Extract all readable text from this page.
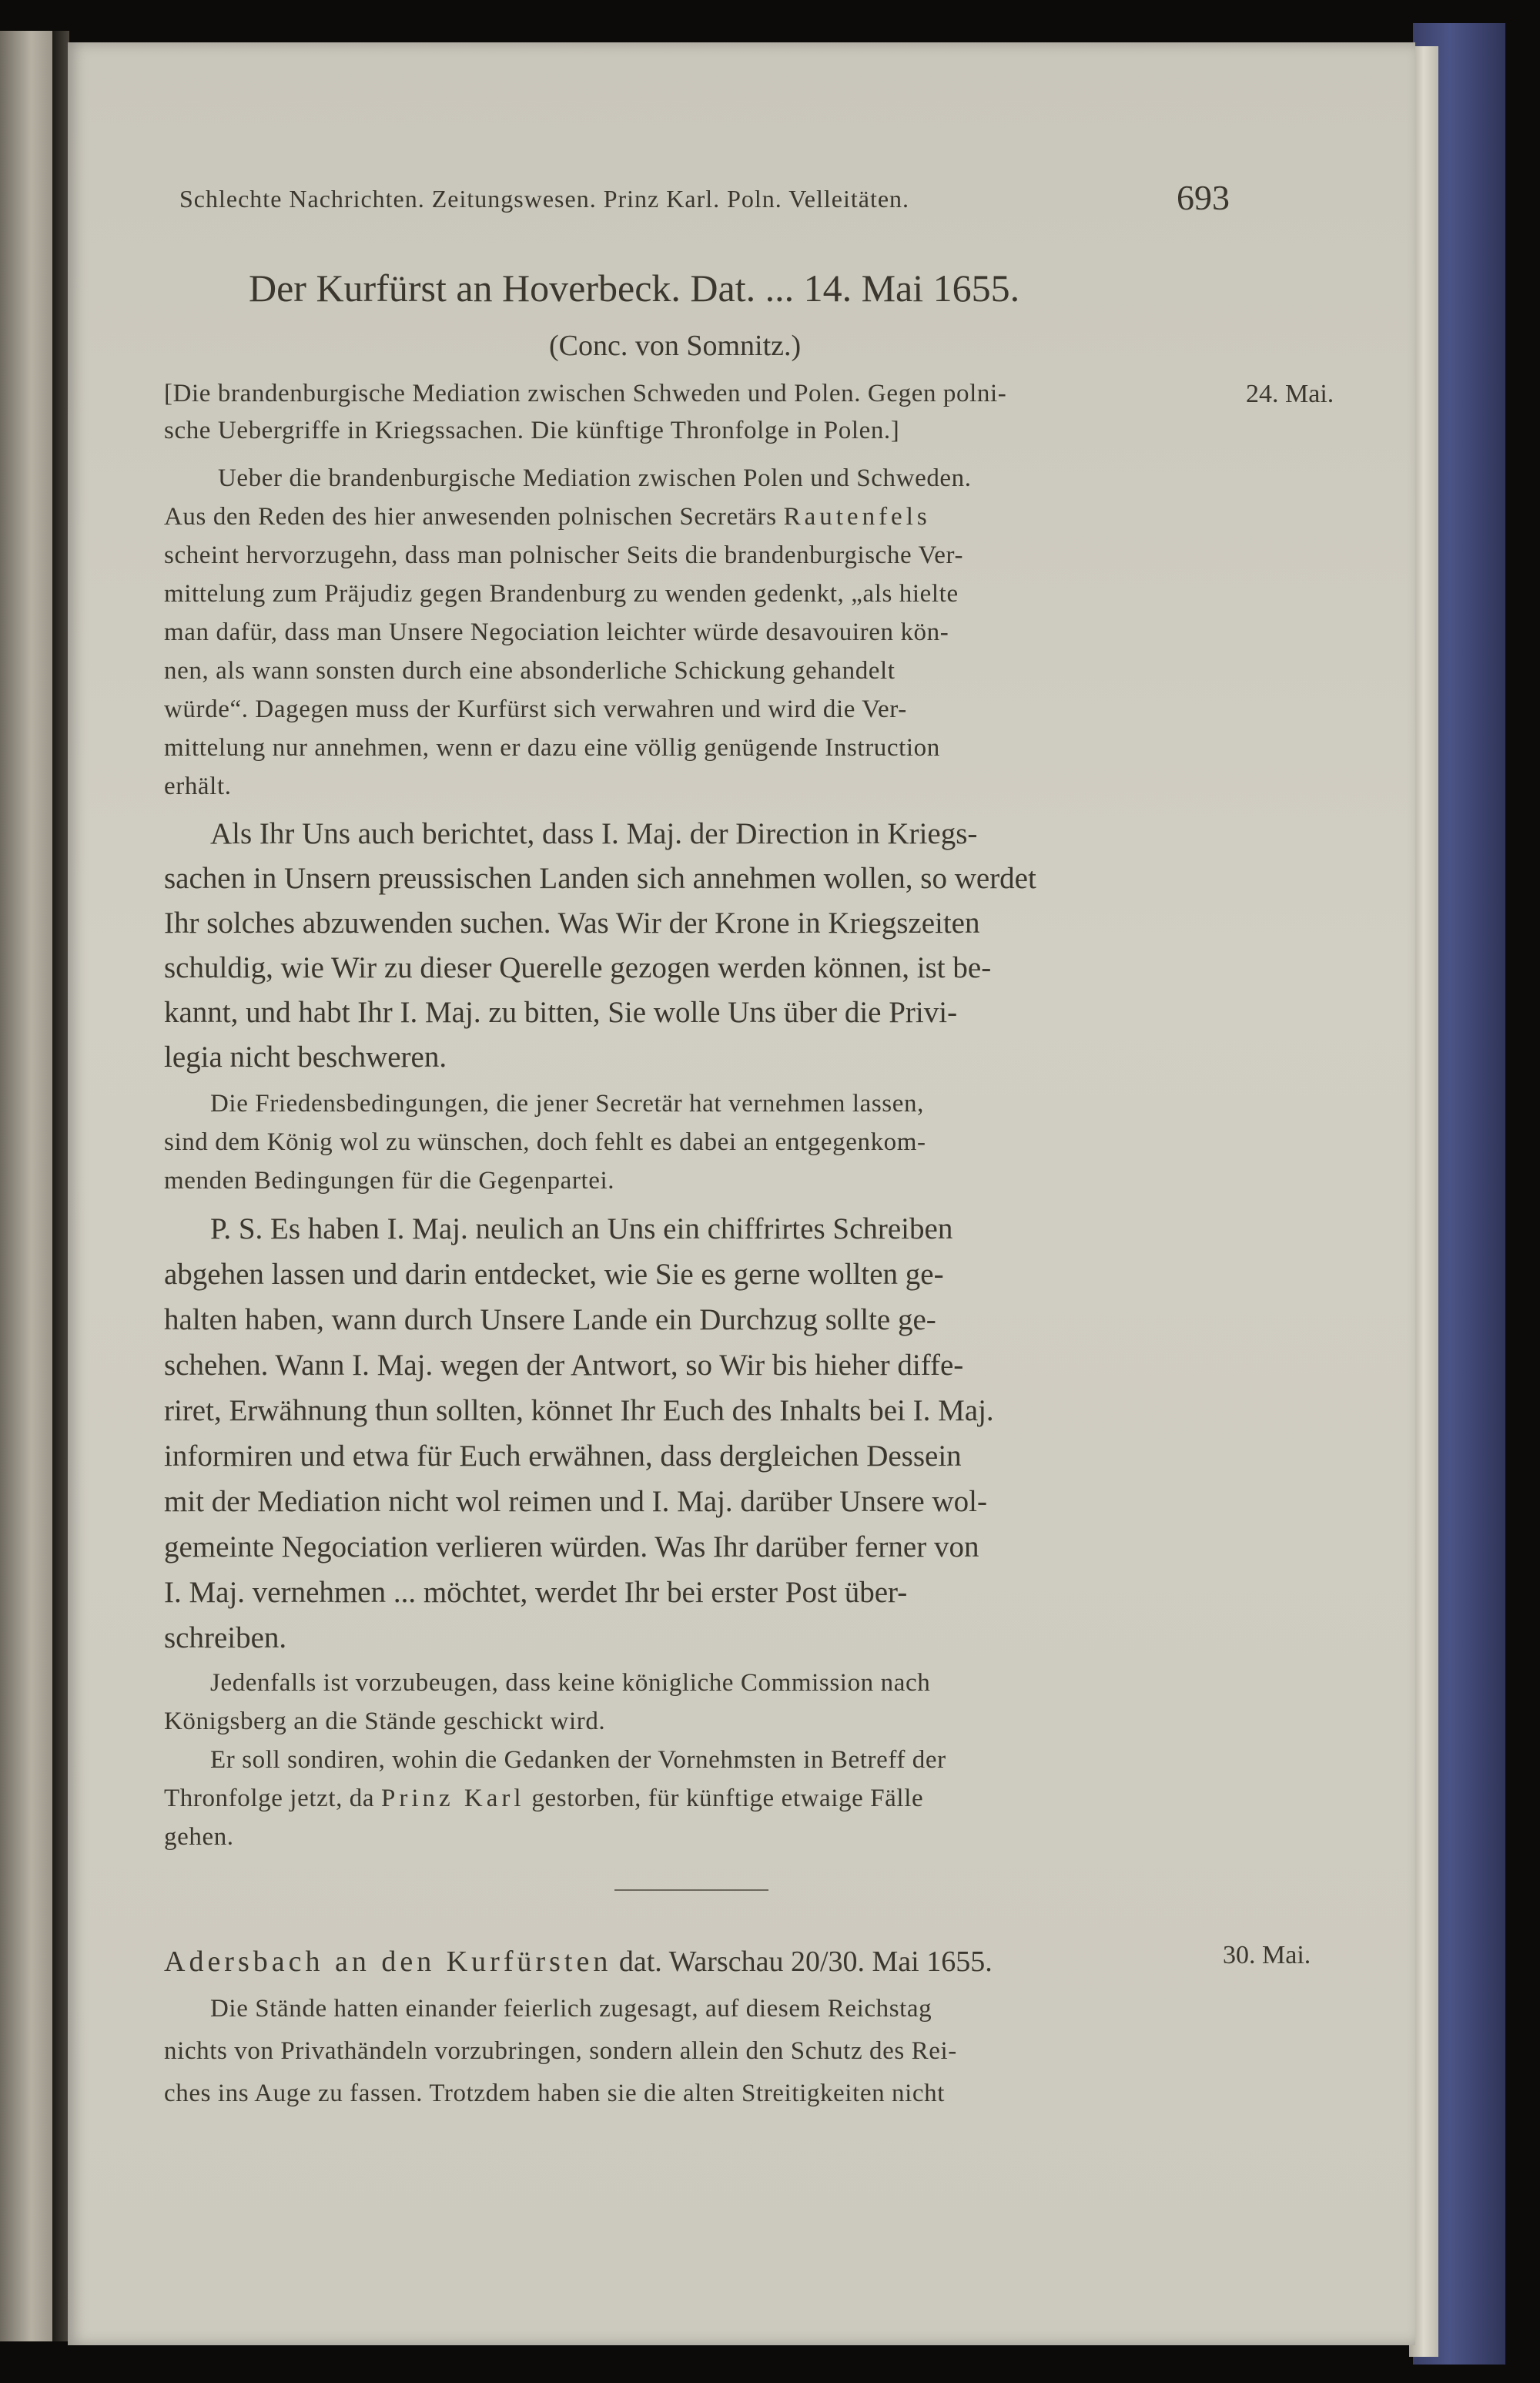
Schlechte Nachrichten. Zeitungswesen. Prinz Karl. Poln. Velleitäten.	693
Der Kurfürst an Hoverbeck. Dat. ... 14. Mai 1655.
(Conc. von Somnitz.)
[Die brandenburgische Mediation zwischen Schweden und Polen. Gegen polni-
sche Uebergriffe in Kriegssachen. Die künftige Thronfolge in Polen.]
24. Mai.
Ueber die brandenburgische Mediation zwischen Polen und Schweden.
Aus den Reden des hier anwesenden polnischen Secretärs Rautenfels
scheint hervorzugehn, dass man polnischer Seits die brandenburgische Ver-
mittelung zum Präjudiz gegen Brandenburg zu wenden gedenkt, „als hielte
man dafür, dass man Unsere Negociation leichter würde desavouiren kön-
nen, als wann sonsten durch eine absonderliche Schickung gehandelt
würde“. Dagegen muss der Kurfürst sich verwahren und wird die Ver-
mittelung nur annehmen, wenn er dazu eine völlig genügende Instruction
erhält.
Als Ihr Uns auch berichtet, dass I. Maj. der Direction in Kriegs-
sachen in Unsern preussischen Landen sich annehmen wollen, so werdet
Ihr solches abzuwenden suchen. Was Wir der Krone in Kriegszeiten
schuldig, wie Wir zu dieser Querelle gezogen werden können, ist be-
kannt, und habt Ihr I. Maj. zu bitten, Sie wolle Uns über die Privi-
legia nicht beschweren.
Die Friedensbedingungen, die jener Secretär hat vernehmen lassen,
sind dem König wol zu wünschen, doch fehlt es dabei an entgegenkom-
menden Bedingungen für die Gegenpartei.
P. S. Es haben I. Maj. neulich an Uns ein chiffrirtes Schreiben
abgehen lassen und darin entdecket, wie Sie es gerne wollten ge-
halten haben, wann durch Unsere Lande ein Durchzug sollte ge-
schehen. Wann I. Maj. wegen der Antwort, so Wir bis hieher diffe-
riret, Erwähnung thun sollten, könnet Ihr Euch des Inhalts bei I. Maj.
informiren und etwa für Euch erwähnen, dass dergleichen Dessein
mit der Mediation nicht wol reimen und I. Maj. darüber Unsere wol-
gemeinte Negociation verlieren würden. Was Ihr darüber ferner von
I. Maj. vernehmen ... möchtet, werdet Ihr bei erster Post über-
schreiben.
Jedenfalls ist vorzubeugen, dass keine königliche Commission nach
Königsberg an die Stände geschickt wird.
Er soll sondiren, wohin die Gedanken der Vornehmsten in Betreff der
Thronfolge jetzt, da Prinz Karl gestorben, für künftige etwaige Fälle
gehen.
Adersbach an den Kurfürsten dat. Warschau 20/30. Mai 1655.	30. Mai.
Die Stände hatten einander feierlich zugesagt, auf diesem Reichstag
nichts von Privathändeln vorzubringen, sondern allein den Schutz des Rei-
ches ins Auge zu fassen. Trotzdem haben sie die alten Streitigkeiten nicht
